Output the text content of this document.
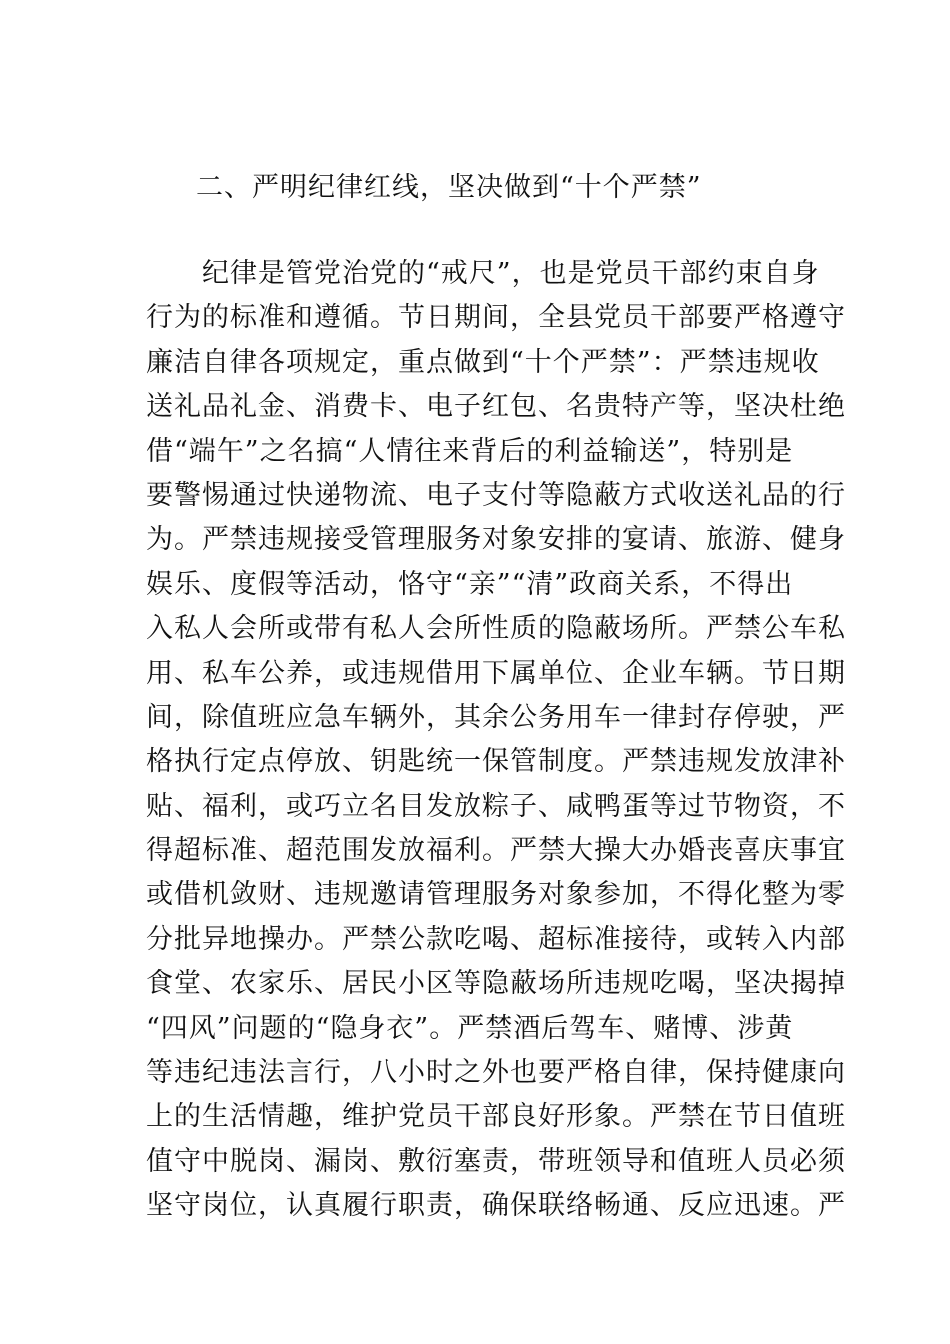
二、严明纪律红线，坚决做到“十个严禁”
纪律是管党治党的“戒尺”，也是党员干部约束自身
行为的标准和遵循。节日期间，全县党员干部要严格遵守
廉洁自律各项规定，重点做到“十个严禁”：严禁违规收
送礼品礼金、消费卡、电子红包、名贵特产等，坚决杜绝
借“端午”之名搞“人情往来背后的利益输送”，特别是
要警惕通过快递物流、电子支付等隐蔽方式收送礼品的行
为。严禁违规接受管理服务对象安排的宴请、旅游、健身
娱乐、度假等活动，恪守“亲”“清”政商关系，不得出
入私人会所或带有私人会所性质的隐蔽场所。严禁公车私
用、私车公养，或违规借用下属单位、企业车辆。节日期
间，除值班应急车辆外，其余公务用车一律封存停驶，严
格执行定点停放、钥匙统一保管制度。严禁违规发放津补
贴、福利，或巧立名目发放粽子、咸鸭蛋等过节物资，不
得超标准、超范围发放福利。严禁大操大办婚丧喜庆事宜
或借机敛财、违规邀请管理服务对象参加，不得化整为零
分批异地操办。严禁公款吃喝、超标准接待，或转入内部
食堂、农家乐、居民小区等隐蔽场所违规吃喝，坚决揭掉
“四风”问题的“隐身衣”。严禁酒后驾车、赌博、涉黄
等违纪违法言行，八小时之外也要严格自律，保持健康向
上的生活情趣，维护党员干部良好形象。严禁在节日值班
值守中脱岗、漏岗、敷衍塞责，带班领导和值班人员必须
坚守岗位，认真履行职责，确保联络畅通、反应迅速。严
